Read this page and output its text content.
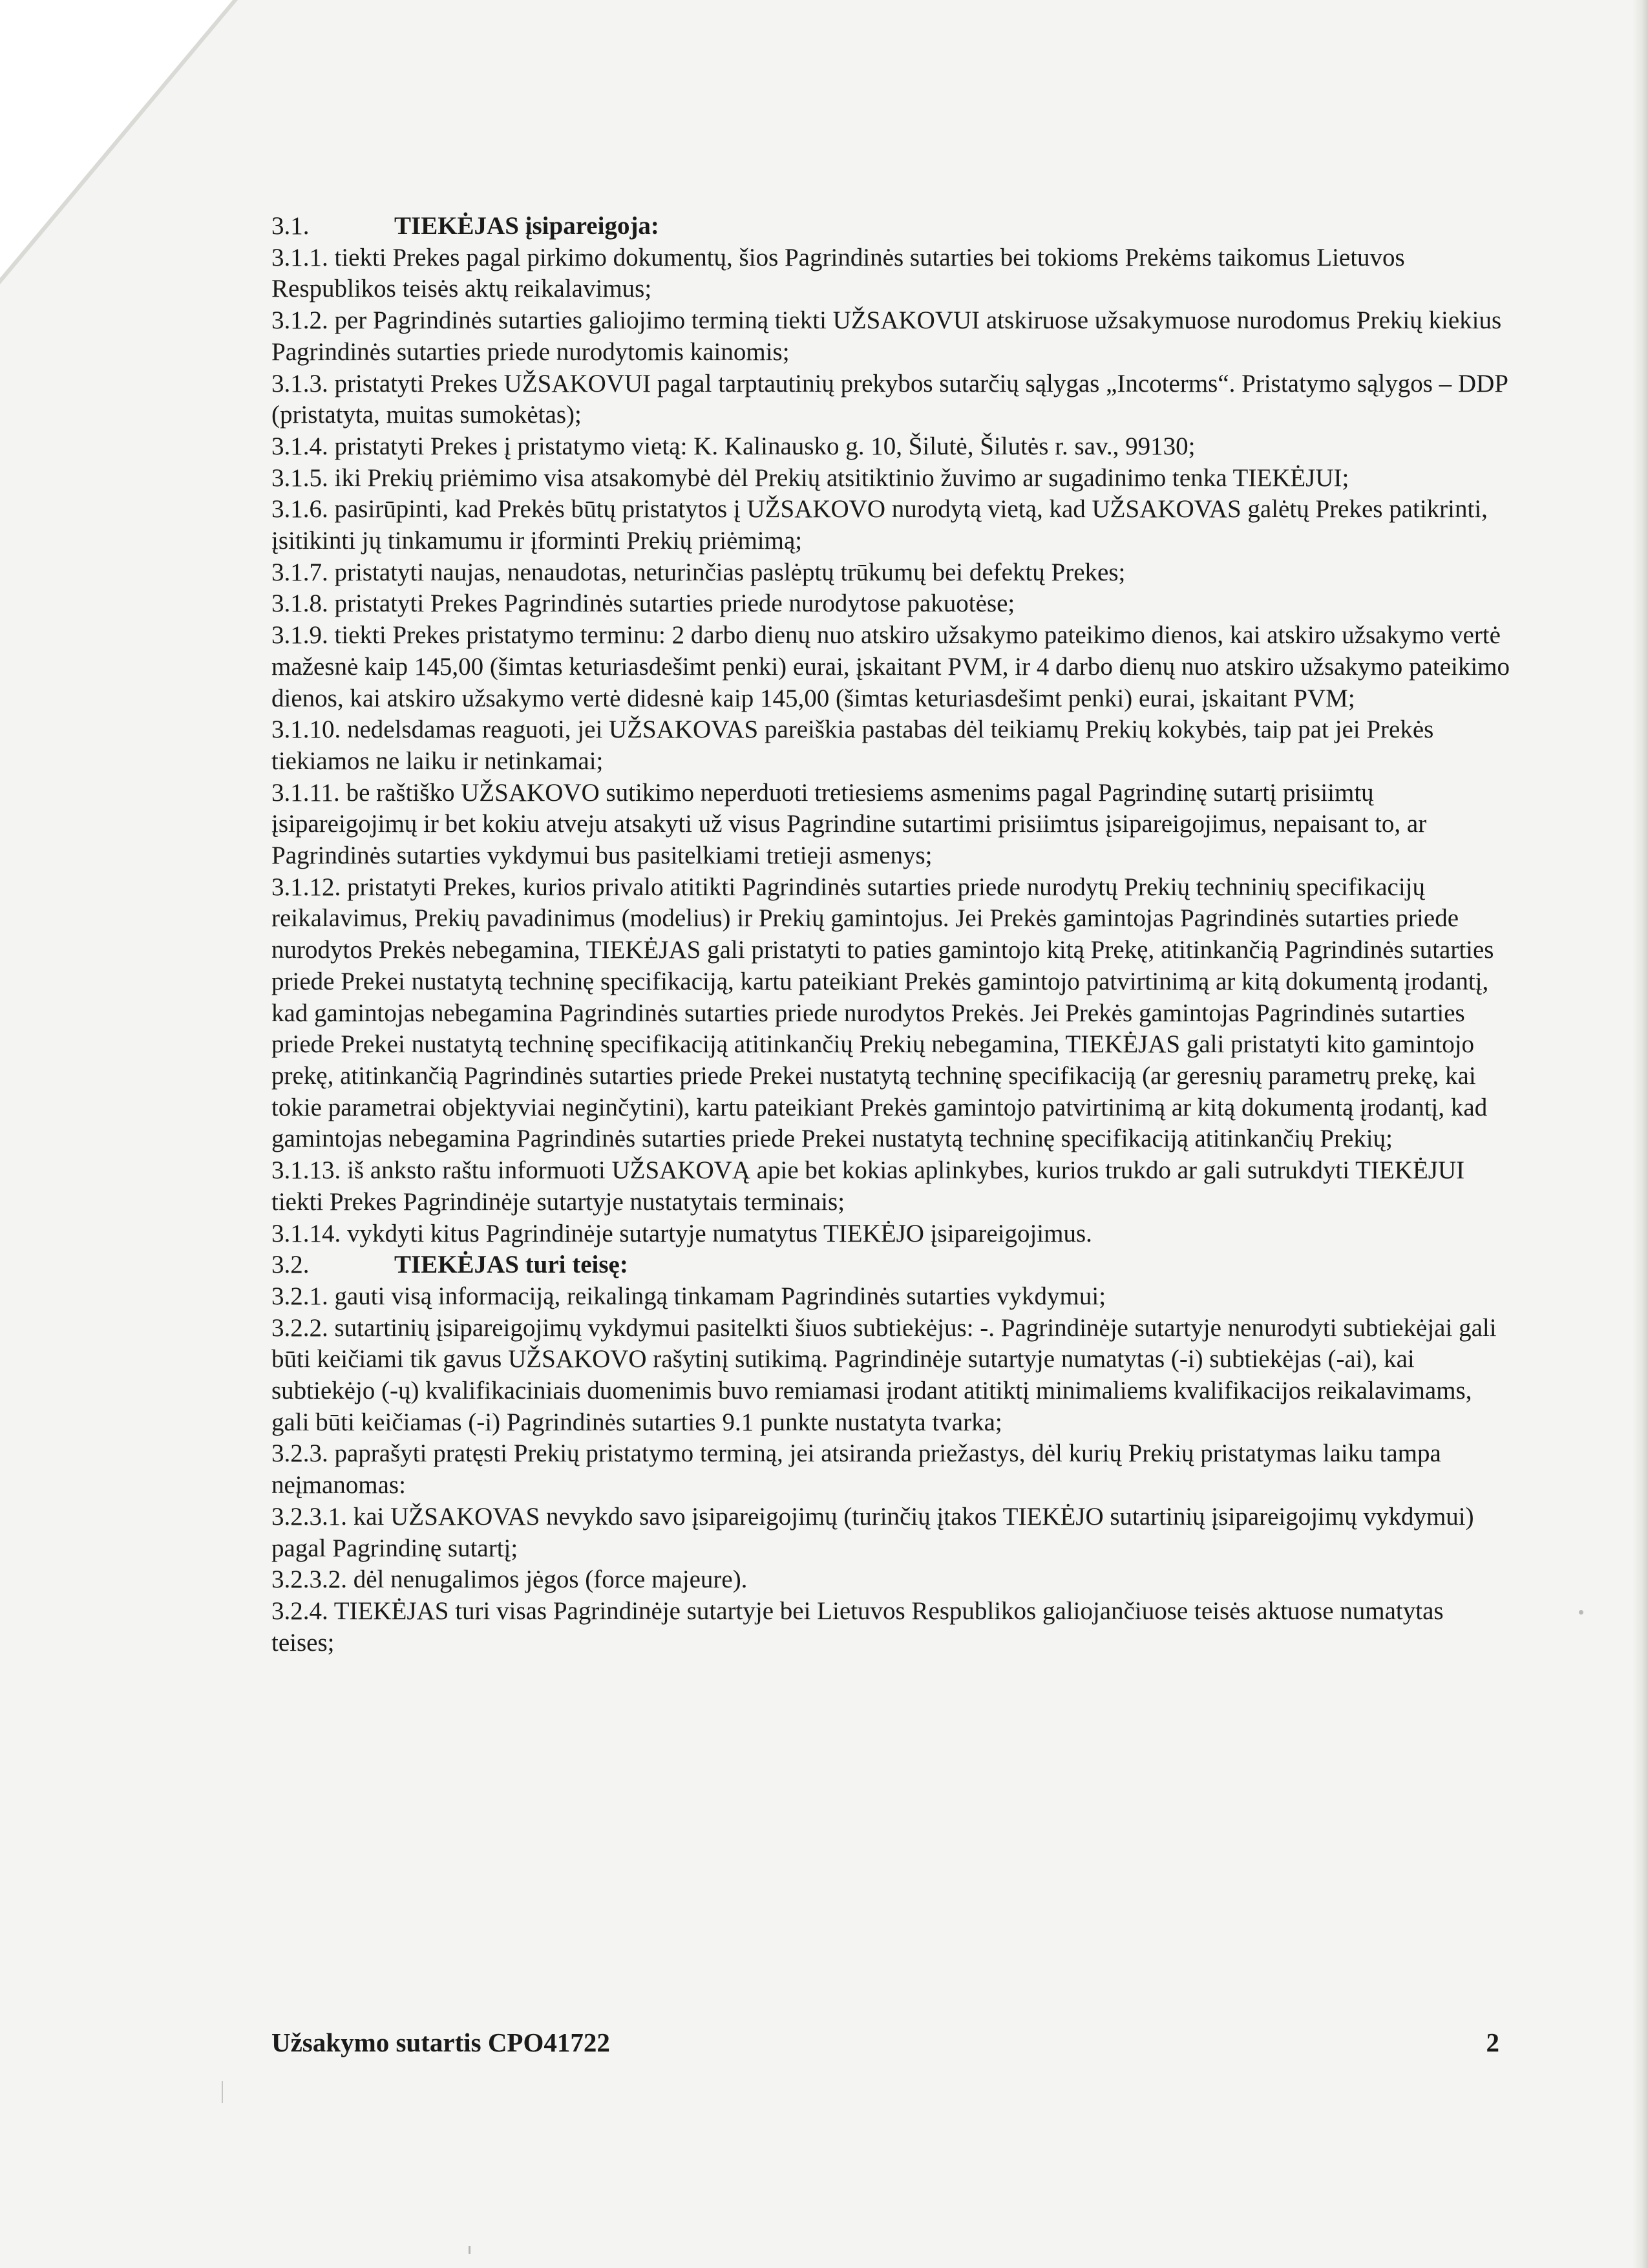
3.1.	TIEKĖJAS įsipareigoja:

3.1.1. tiekti Prekes pagal pirkimo dokumentų, šios Pagrindinės sutarties bei tokioms Prekėms taikomus Lietuvos Respublikos teisės aktų reikalavimus;

3.1.2. per Pagrindinės sutarties galiojimo terminą tiekti UŽSAKOVUI atskiruose užsakymuose nurodomus Prekių kiekius Pagrindinės sutarties priede nurodytomis kainomis;

3.1.3. pristatyti Prekes UŽSAKOVUI pagal tarptautinių prekybos sutarčių sąlygas „Incoterms“. Pristatymo sąlygos – DDP (pristatyta, muitas sumokėtas);

3.1.4. pristatyti Prekes į pristatymo vietą: K. Kalinausko g. 10, Šilutė, Šilutės r. sav., 99130;

3.1.5. iki Prekių priėmimo visa atsakomybė dėl Prekių atsitiktinio žuvimo ar sugadinimo tenka TIEKĖJUI;

3.1.6. pasirūpinti, kad Prekės būtų pristatytos į UŽSAKOVO nurodytą vietą, kad UŽSAKOVAS galėtų Prekes patikrinti, įsitikinti jų tinkamumu ir įforminti Prekių priėmimą;

3.1.7. pristatyti naujas, nenaudotas, neturinčias paslėptų trūkumų bei defektų Prekes;

3.1.8. pristatyti Prekes Pagrindinės sutarties priede nurodytose pakuotėse;

3.1.9. tiekti Prekes pristatymo terminu: 2 darbo dienų nuo atskiro užsakymo pateikimo dienos, kai atskiro užsakymo vertė mažesnė kaip 145,00 (šimtas keturiasdešimt penki) eurai, įskaitant PVM, ir 4 darbo dienų nuo atskiro užsakymo pateikimo dienos, kai atskiro užsakymo vertė didesnė kaip 145,00 (šimtas keturiasdešimt penki) eurai, įskaitant PVM;

3.1.10. nedelsdamas reaguoti, jei UŽSAKOVAS pareiškia pastabas dėl teikiamų Prekių kokybės, taip pat jei Prekės tiekiamos ne laiku ir netinkamai;

3.1.11. be raštiško UŽSAKOVO sutikimo neperduoti tretiesiems asmenims pagal Pagrindinę sutartį prisiimtų įsipareigojimų ir bet kokiu atveju atsakyti už visus Pagrindine sutartimi prisiimtus įsipareigojimus, nepaisant to, ar Pagrindinės sutarties vykdymui bus pasitelkiami tretieji asmenys;

3.1.12. pristatyti Prekes, kurios privalo atitikti Pagrindinės sutarties priede nurodytų Prekių techninių specifikacijų reikalavimus, Prekių pavadinimus (modelius) ir Prekių gamintojus. Jei Prekės gamintojas Pagrindinės sutarties priede nurodytos Prekės nebegamina, TIEKĖJAS gali pristatyti to paties gamintojo kitą Prekę, atitinkančią Pagrindinės sutarties priede Prekei nustatytą techninę specifikaciją, kartu pateikiant Prekės gamintojo patvirtinimą ar kitą dokumentą įrodantį, kad gamintojas nebegamina Pagrindinės sutarties priede nurodytos Prekės. Jei Prekės gamintojas Pagrindinės sutarties priede Prekei nustatytą techninę specifikaciją atitinkančių Prekių nebegamina, TIEKĖJAS gali pristatyti kito gamintojo prekę, atitinkančią Pagrindinės sutarties priede Prekei nustatytą techninę specifikaciją (ar geresnių parametrų prekę, kai tokie parametrai objektyviai neginčytini), kartu pateikiant Prekės gamintojo patvirtinimą ar kitą dokumentą įrodantį, kad gamintojas nebegamina Pagrindinės sutarties priede Prekei nustatytą techninę specifikaciją atitinkančių Prekių;

3.1.13. iš anksto raštu informuoti UŽSAKOVĄ apie bet kokias aplinkybes, kurios trukdo ar gali sutrukdyti TIEKĖJUI tiekti Prekes Pagrindinėje sutartyje nustatytais terminais;

3.1.14. vykdyti kitus Pagrindinėje sutartyje numatytus TIEKĖJO įsipareigojimus.

3.2.	TIEKĖJAS turi teisę:

3.2.1. gauti visą informaciją, reikalingą tinkamam Pagrindinės sutarties vykdymui;

3.2.2. sutartinių įsipareigojimų vykdymui pasitelkti šiuos subtiekėjus: -. Pagrindinėje sutartyje nenurodyti subtiekėjai gali būti keičiami tik gavus UŽSAKOVO rašytinį sutikimą. Pagrindinėje sutartyje numatytas (-i) subtiekėjas (-ai), kai subtiekėjo (-ų) kvalifikaciniais duomenimis buvo remiamasi įrodant atitiktį minimaliems kvalifikacijos reikalavimams, gali būti keičiamas (-i) Pagrindinės sutarties 9.1 punkte nustatyta tvarka;

3.2.3. paprašyti pratęsti Prekių pristatymo terminą, jei atsiranda priežastys, dėl kurių Prekių pristatymas laiku tampa neįmanomas:

3.2.3.1. kai UŽSAKOVAS nevykdo savo įsipareigojimų (turinčių įtakos TIEKĖJO sutartinių įsipareigojimų vykdymui) pagal Pagrindinę sutartį;

3.2.3.2. dėl nenugalimos jėgos (force majeure).

3.2.4. TIEKĖJAS turi visas Pagrindinėje sutartyje bei Lietuvos Respublikos galiojančiuose teisės aktuose numatytas teises;

Užsakymo sutartis CPO41722	2
